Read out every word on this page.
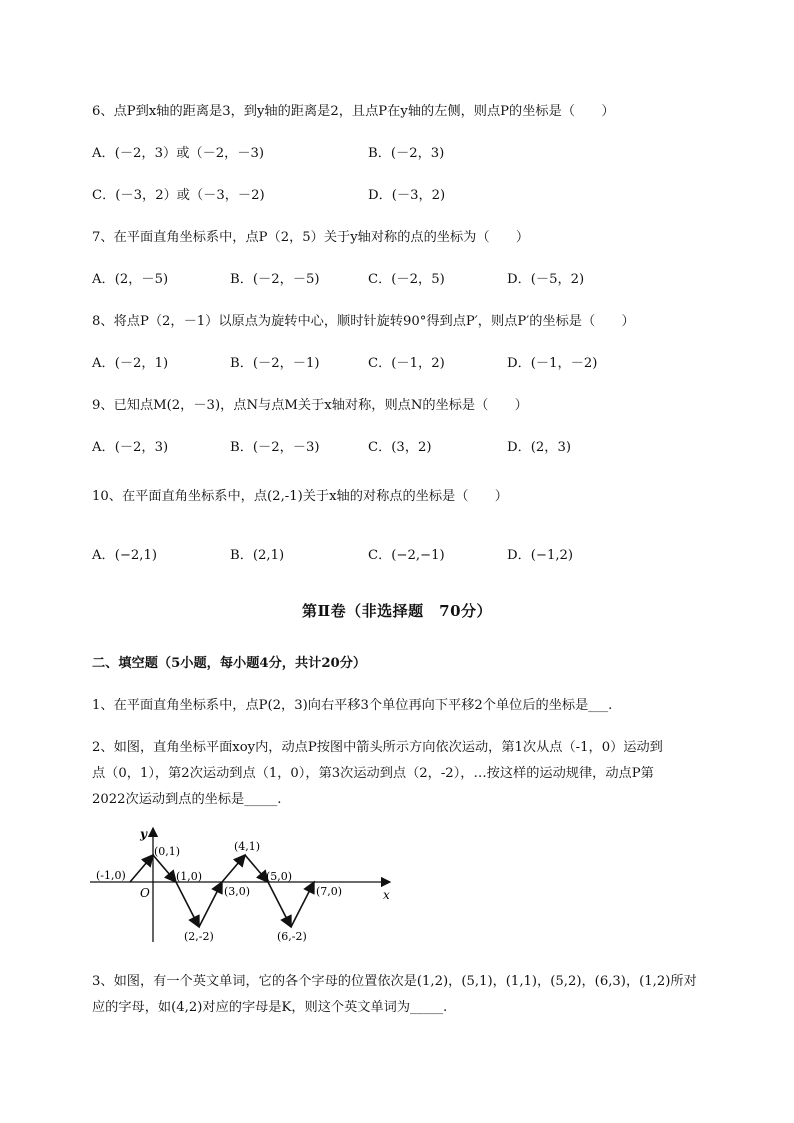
6、点P到x轴的距离是3，到y轴的距离是2，且点P在y轴的左侧，则点P的坐标是（　　）
A．(－2，3）或（－2，－3)	B．(－2，3)
C．(－3，2）或（－3，－2)	D．(－3，2)
7、在平面直角坐标系中，点P（2，5）关于y轴对称的点的坐标为（　　）
A．(2，－5)	B．(－2，－5)	C．(－2，5)	D．(－5，2)
8、将点P（2，－1）以原点为旋转中心，顺时针旋转90°得到点P′，则点P′的坐标是（　　）
A．(－2，1)	B．(－2，－1)	C．(－1，2)	D．(－1，－2)
9、已知点M(2，－3)，点N与点M关于x轴对称，则点N的坐标是（　　）
A．(－2，3)	B．(－2，－3)	C．(3，2)	D．(2，3)
10、在平面直角坐标系中，点(2,-1)关于x轴的对称点的坐标是（　　）
A．(−2,1)	B．(2,1)	C．(−2,−1)	D．(−1,2)
第Ⅱ卷（非选择题　70分）
二、填空题（5小题，每小题4分，共计20分）
1、在平面直角坐标系中，点P(2，3)向右平移3个单位再向下平移2个单位后的坐标是___.
2、如图，直角坐标平面xoy内，动点P按图中箭头所示方向依次运动，第1次从点（-1，0）运动到
点（0，1），第2次运动到点（1，0），第3次运动到点（2，-2），…按这样的运动规律，动点P第
2022次运动到点的坐标是_____.
x
y
O
(-1,0)
(0,1)
(1,0)
(2,-2)
(3,0)
(4,1)
(5,0)
(6,-2)
(7,0)
3、如图，有一个英文单词，它的各个字母的位置依次是(1,2)，(5,1)，(1,1)，(5,2)，(6,3)，(1,2)所对
应的字母，如(4,2)对应的字母是K，则这个英文单词为_____.
